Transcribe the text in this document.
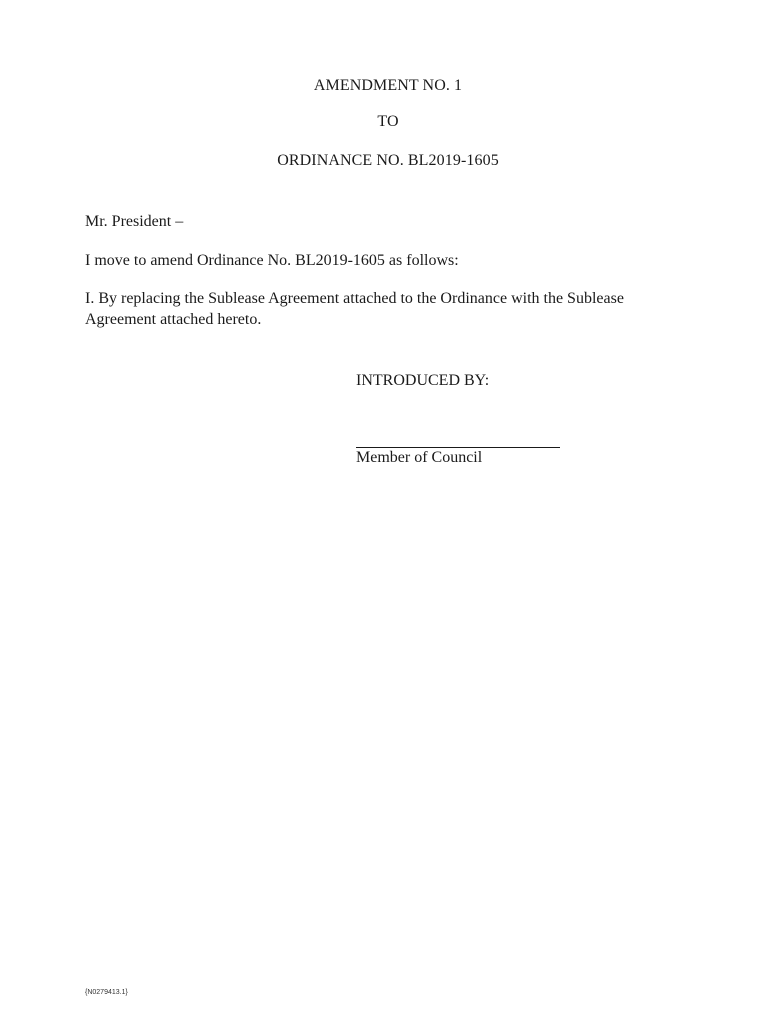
AMENDMENT NO. 1
TO
ORDINANCE NO. BL2019-1605
Mr. President –
I move to amend Ordinance No. BL2019-1605 as follows:
I. By replacing the Sublease Agreement attached to the Ordinance with the Sublease Agreement attached hereto.
INTRODUCED BY:
Member of Council
{N0279413.1}
